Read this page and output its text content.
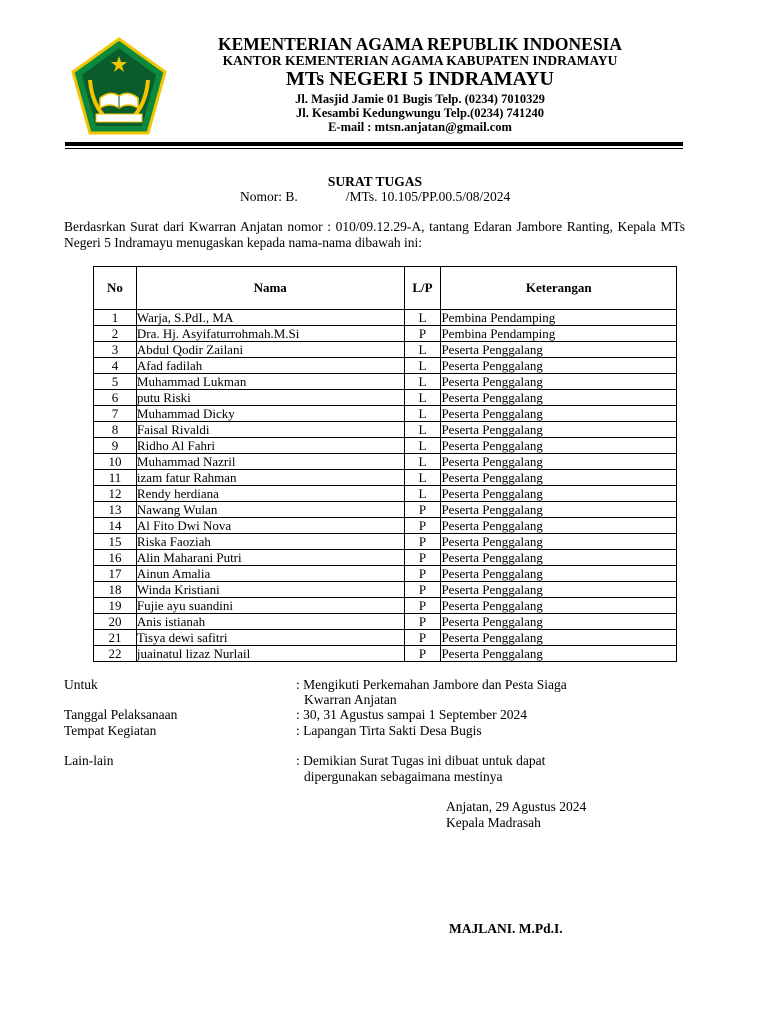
KEMENTERIAN AGAMA REPUBLIK INDONESIA
KANTOR KEMENTERIAN AGAMA KABUPATEN INDRAMAYU
MTs NEGERI 5 INDRAMAYU
Jl. Masjid Jamie 01 Bugis Telp. (0234) 7010329
Jl. Kesambi Kedungwungu Telp.(0234) 741240
E-mail : mtsn.anjatan@gmail.com
SURAT TUGAS
Nomor: B.	/MTs. 10.105/PP.00.5/08/2024
Berdasrkan Surat dari Kwarran Anjatan nomor : 010/09.12.29-A, tantang Edaran Jambore Ranting, Kepala MTs Negeri 5 Indramayu menugaskan kepada nama-nama dibawah ini:
No	Nama	L/P	Keterangan
1	Warja, S.PdI., MA	L	Pembina Pendamping
2	Dra. Hj. Asyifaturrohmah.M.Si	P	Pembina Pendamping
3	Abdul Qodir Zailani	L	Peserta Penggalang
4	Afad fadilah	L	Peserta Penggalang
5	Muhammad Lukman	L	Peserta Penggalang
6	putu Riski	L	Peserta Penggalang
7	Muhammad Dicky	L	Peserta Penggalang
8	Faisal Rivaldi	L	Peserta Penggalang
9	Ridho Al Fahri	L	Peserta Penggalang
10	Muhammad Nazril	L	Peserta Penggalang
11	izam fatur Rahman	L	Peserta Penggalang
12	Rendy herdiana	L	Peserta Penggalang
13	Nawang Wulan	P	Peserta Penggalang
14	Al Fito Dwi Nova	P	Peserta Penggalang
15	Riska Faoziah	P	Peserta Penggalang
16	Alin Maharani Putri	P	Peserta Penggalang
17	Ainun Amalia	P	Peserta Penggalang
18	Winda Kristiani	P	Peserta Penggalang
19	Fujie ayu suandini	P	Peserta Penggalang
20	Anis istianah	P	Peserta Penggalang
21	Tisya dewi safitri	P	Peserta Penggalang
22	juainatul lizaz Nurlail	P	Peserta Penggalang
Untuk	: Mengikuti Perkemahan Jambore dan Pesta Siaga
Kwarran Anjatan
Tanggal Pelaksanaan	: 30, 31 Agustus sampai 1 September 2024
Tempat Kegiatan	: Lapangan Tirta Sakti Desa Bugis
Lain-lain	: Demikian Surat Tugas ini dibuat untuk dapat
dipergunakan sebagaimana mestinya
Anjatan, 29 Agustus 2024
Kepala Madrasah
MAJLANI. M.Pd.I.
